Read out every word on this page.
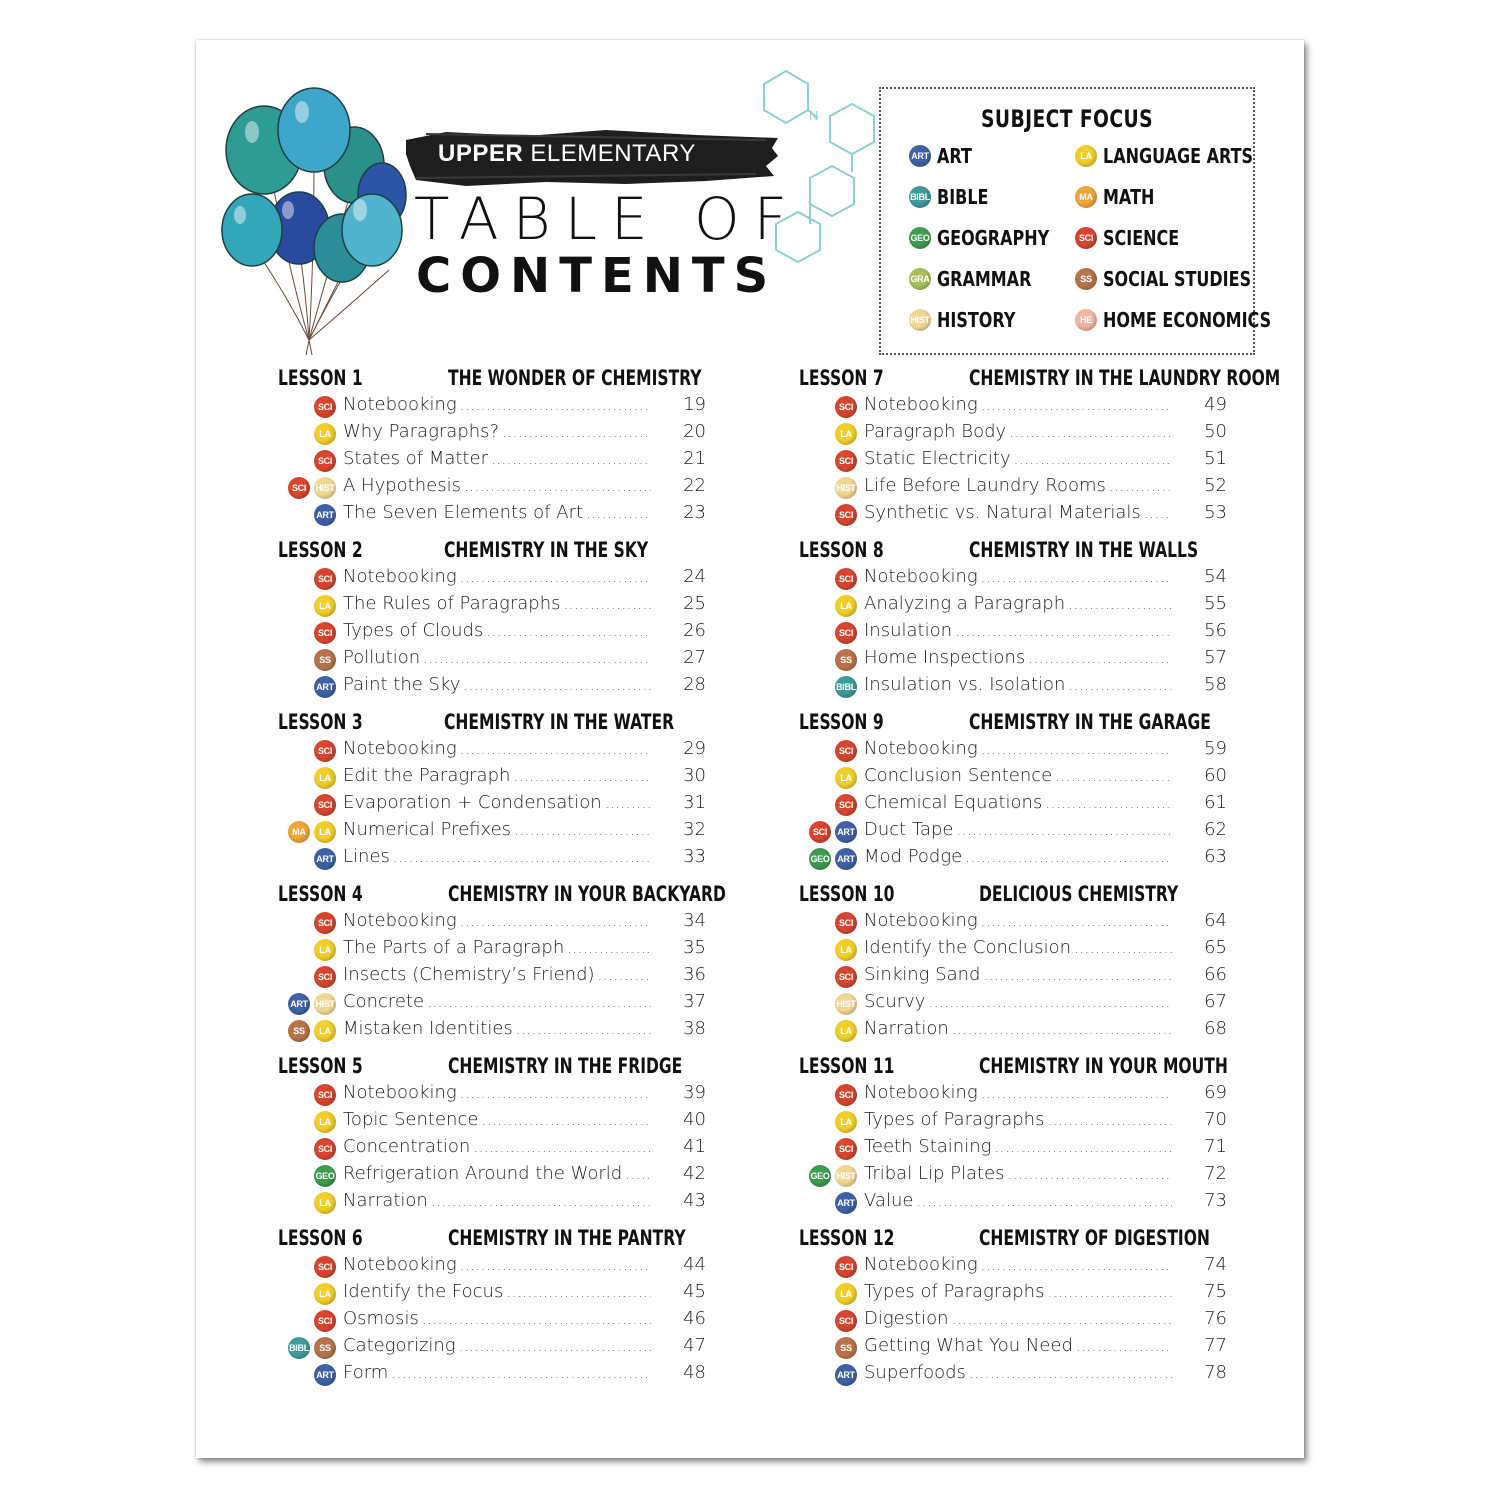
UPPER ELEMENTARY
N
TABLE OF
CONTENTS
SUBJECT FOCUS
ART ART
BIBL BIBLE
GEO GEOGRAPHY
GRA GRAMMAR
HIST HISTORY
LA LANGUAGE ARTS
MA MATH
SCI SCIENCE
SS SOCIAL STUDIES
HE HOME ECONOMICS
LESSON 1	THE WONDER OF CHEMISTRY
SCI Notebooking .....	19
LA Why Paragraphs? .....	20
SCI States of Matter .....	21
SCI	HIST A Hypothesis .....	22
ART The Seven Elements of Art .....	23
LESSON 2	CHEMISTRY IN THE SKY
SCI Notebooking .....	24
LA The Rules of Paragraphs .....	25
SCI Types of Clouds .....	26
SS Pollution .....	27
ART Paint the Sky .....	28
LESSON 3	CHEMISTRY IN THE WATER
SCI Notebooking .....	29
LA Edit the Paragraph .....	30
SCI Evaporation + Condensation .....	31
MA	LA Numerical Prefixes .....	32
ART Lines .....	33
LESSON 4	CHEMISTRY IN YOUR BACKYARD
SCI Notebooking .....	34
LA The Parts of a Paragraph .....	35
SCI Insects (Chemistry’s Friend) .....	36
ART HIST Concrete .....	37
SS	LA Mistaken Identities .....	38
LESSON 5	CHEMISTRY IN THE FRIDGE
SCI Notebooking .....	39
LA Topic Sentence .....	40
SCI Concentration .....	41
GEO Refrigeration Around the World .....	42
LA Narration .....	43
LESSON 6	CHEMISTRY IN THE PANTRY
SCI Notebooking .....	44
LA Identify the Focus .....	45
SCI Osmosis .....	46
BIBL	SS Categorizing .....	47
ART Form .....	48
LESSON 7	CHEMISTRY IN THE LAUNDRY ROOM
SCI Notebooking .....	49
LA Paragraph Body .....	50
SCI Static Electricity .....	51
HIST Life Before Laundry Rooms .....	52
SCI Synthetic vs. Natural Materials .....	53
LESSON 8	CHEMISTRY IN THE WALLS
SCI Notebooking .....	54
LA Analyzing a Paragraph .....	55
SCI Insulation .....	56
SS Home Inspections .....	57
BIBL Insulation vs. Isolation .....	58
LESSON 9	CHEMISTRY IN THE GARAGE
SCI Notebooking .....	59
LA Conclusion Sentence .....	60
SCI Chemical Equations .....	61
SCI	ART Duct Tape .....	62
GEO ART Mod Podge .....	63
LESSON 10	DELICIOUS CHEMISTRY
SCI Notebooking .....	64
LA Identify the Conclusion .....	65
SCI Sinking Sand .....	66
HIST Scurvy .....	67
LA Narration .....	68
LESSON 11	CHEMISTRY IN YOUR MOUTH
SCI Notebooking .....	69
LA Types of Paragraphs .....	70
SCI Teeth Staining .....	71
GEO HIST Tribal Lip Plates .....	72
ART Value .....	73
LESSON 12	CHEMISTRY OF DIGESTION
SCI Notebooking .....	74
LA Types of Paragraphs .....	75
SCI Digestion .....	76
SS Getting What You Need .....	77
ART Superfoods .....	78
